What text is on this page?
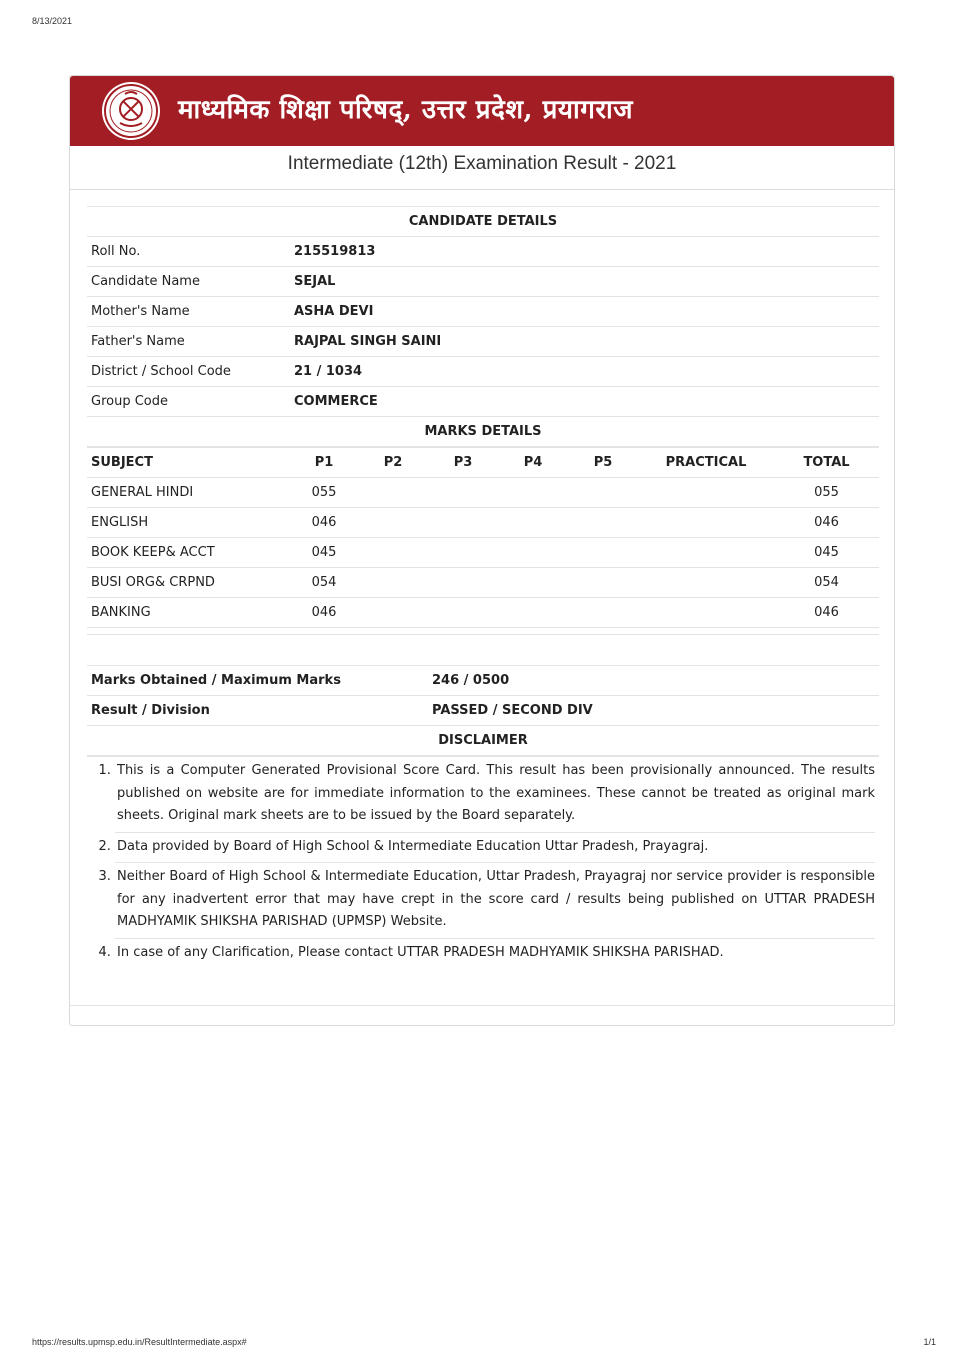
8/13/2021
माध्यमिक शिक्षा परिषद्, उत्तर प्रदेश, प्रयागराज
Intermediate (12th) Examination Result - 2021
CANDIDATE DETAILS	
Roll No.	215519813
Candidate Name	SEJAL
Mother's Name	ASHA DEVI
Father's Name	RAJPAL SINGH SAINI
District / School Code	21 / 1034
Group Code	COMMERCE
MARKS DETAILS	
SUBJECT	P1	P2	P3	P4	P5	PRACTICAL	TOTAL
GENERAL HINDI	055						055
ENGLISH	046						046
BOOK KEEP& ACCT	045						045
BUSI ORG& CRPND	054						054
BANKING	046						046
Marks Obtained / Maximum Marks	246 / 0500
Result / Division	PASSED / SECOND DIV
DISCLAIMER
1. This is a Computer Generated Provisional Score Card. This result has been provisionally announced. The results published on website are for immediate information to the examinees. These cannot be treated as original mark sheets. Original mark sheets are to be issued by the Board separately.
2. Data provided by Board of High School & Intermediate Education Uttar Pradesh, Prayagraj.
3. Neither Board of High School & Intermediate Education, Uttar Pradesh, Prayagraj nor service provider is responsible for any inadvertent error that may have crept in the score card / results being published on UTTAR PRADESH MADHYAMIK SHIKSHA PARISHAD (UPMSP) Website.
4. In case of any Clarification, Please contact UTTAR PRADESH MADHYAMIK SHIKSHA PARISHAD.
https://results.upmsp.edu.in/ResultIntermediate.aspx#	1/1
